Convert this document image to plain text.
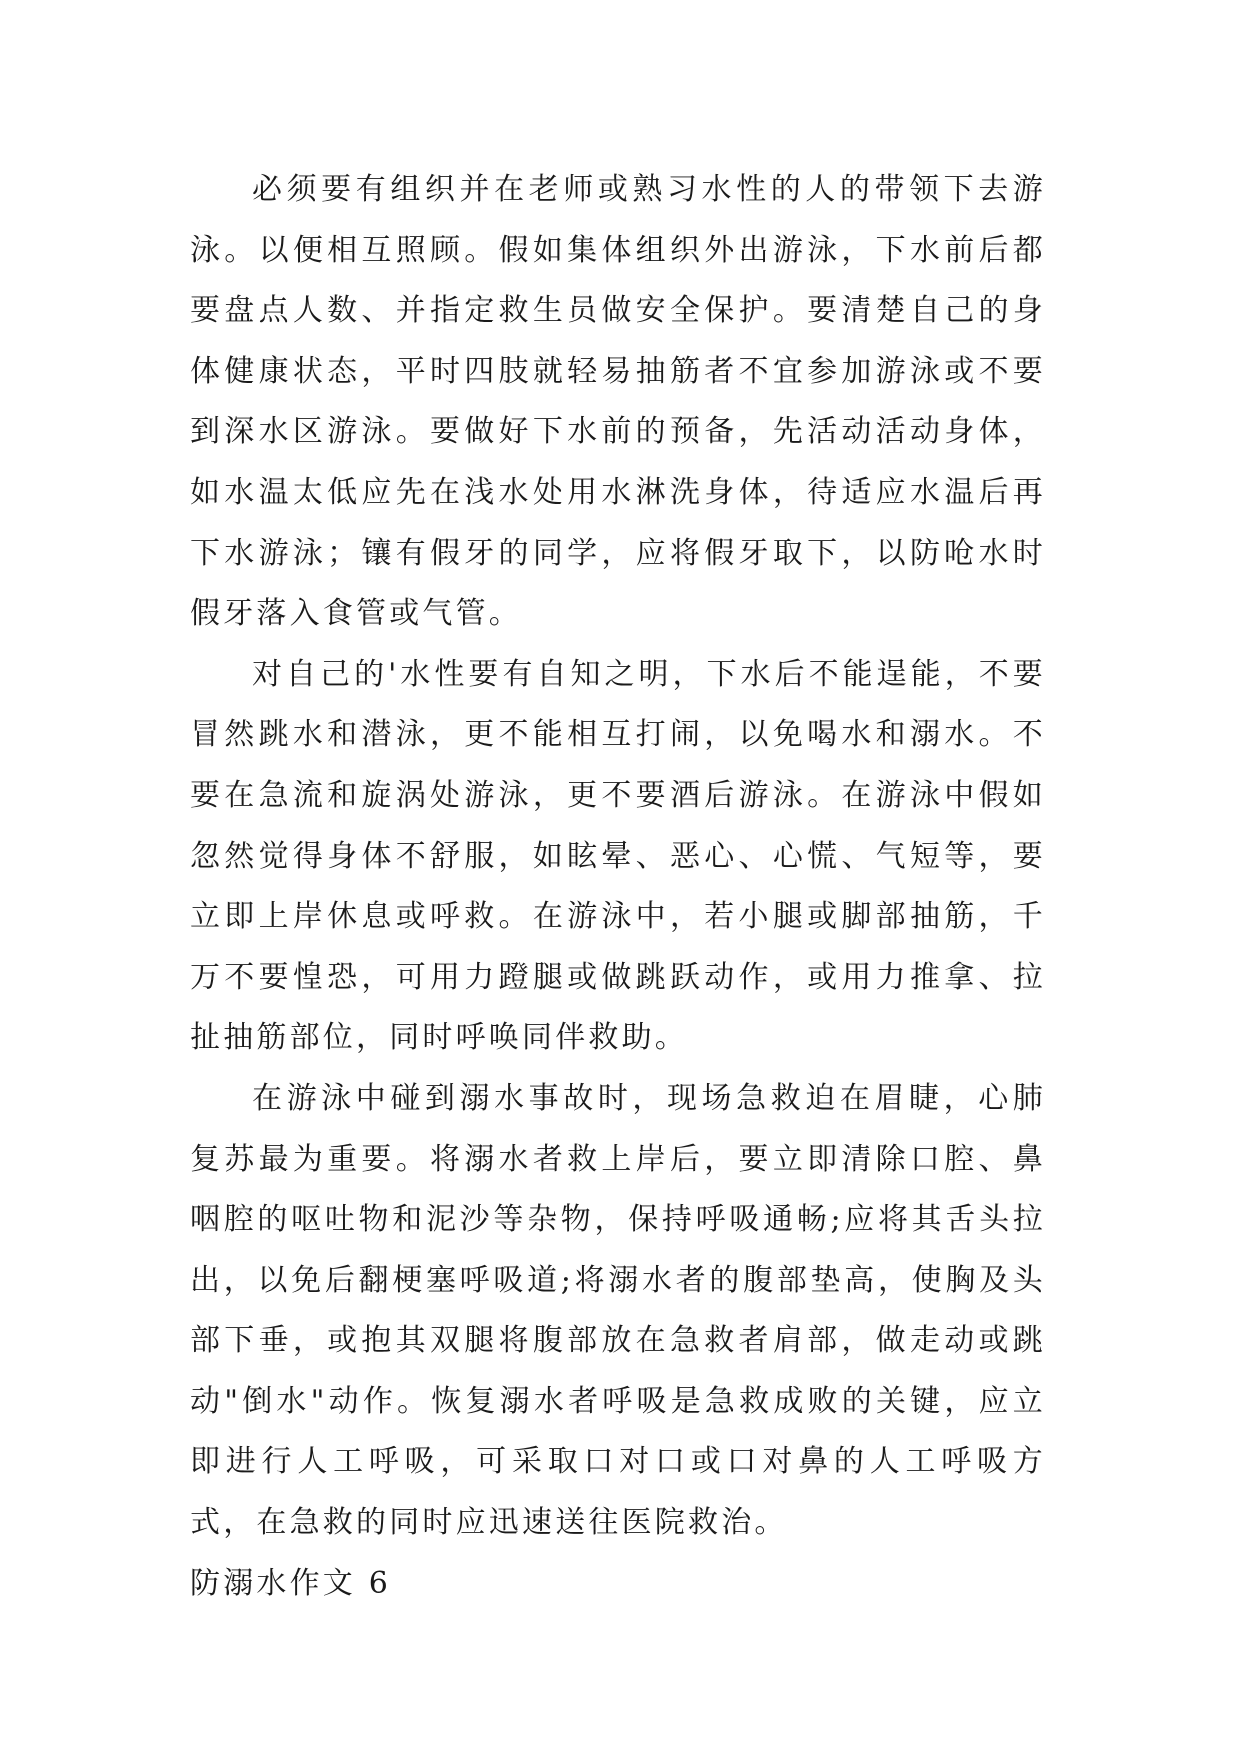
必须要有组织并在老师或熟习水性的人的带领下去游泳。以便相互照顾。假如集体组织外出游泳，下水前后都要盘点人数、并指定救生员做安全保护。要清楚自己的身体健康状态，平时四肢就轻易抽筋者不宜参加游泳或不要到深水区游泳。要做好下水前的预备，先活动活动身体，如水温太低应先在浅水处用水淋洗身体，待适应水温后再下水游泳；镶有假牙的同学，应将假牙取下，以防呛水时假牙落入食管或气管。

对自己的'水性要有自知之明，下水后不能逞能，不要冒然跳水和潜泳，更不能相互打闹，以免喝水和溺水。不要在急流和旋涡处游泳，更不要酒后游泳。在游泳中假如忽然觉得身体不舒服，如眩晕、恶心、心慌、气短等，要立即上岸休息或呼救。在游泳中，若小腿或脚部抽筋，千万不要惶恐，可用力蹬腿或做跳跃动作，或用力推拿、拉扯抽筋部位，同时呼唤同伴救助。

在游泳中碰到溺水事故时，现场急救迫在眉睫，心肺复苏最为重要。将溺水者救上岸后，要立即清除口腔、鼻咽腔的呕吐物和泥沙等杂物，保持呼吸通畅;应将其舌头拉出，以免后翻梗塞呼吸道;将溺水者的腹部垫高，使胸及头部下垂，或抱其双腿将腹部放在急救者肩部，做走动或跳动"倒水"动作。恢复溺水者呼吸是急救成败的关键，应立即进行人工呼吸，可采取口对口或口对鼻的人工呼吸方式，在急救的同时应迅速送往医院救治。

防溺水作文 6
